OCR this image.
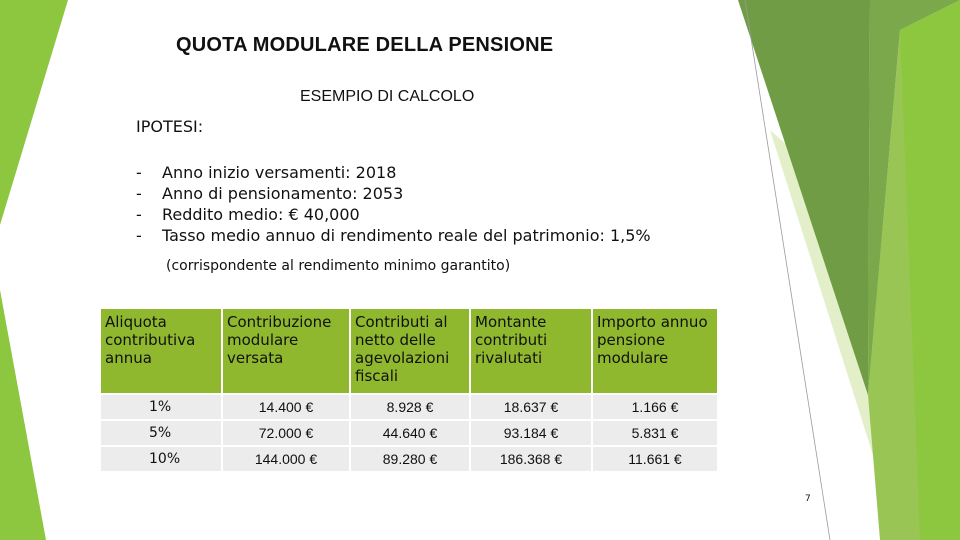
QUOTA MODULARE DELLA PENSIONE
ESEMPIO DI CALCOLO
IPOTESI:
- Anno inizio versamenti: 2018
- Anno di pensionamento: 2053
- Reddito medio: € 40,000
- Tasso medio annuo di rendimento reale del patrimonio: 1,5%
(corrispondente al rendimento minimo garantito)
Aliquota contributiva annua	Contribuzione modulare versata	Contributi al netto delle agevolazioni fiscali	Montante contributi rivalutati	Importo annuo pensione modulare
1%	14.400 €	8.928 €	18.637 €	1.166 €
5%	72.000 €	44.640 €	93.184 €	5.831 €
10%	144.000 €	89.280 €	186.368 €	11.661 €
7
